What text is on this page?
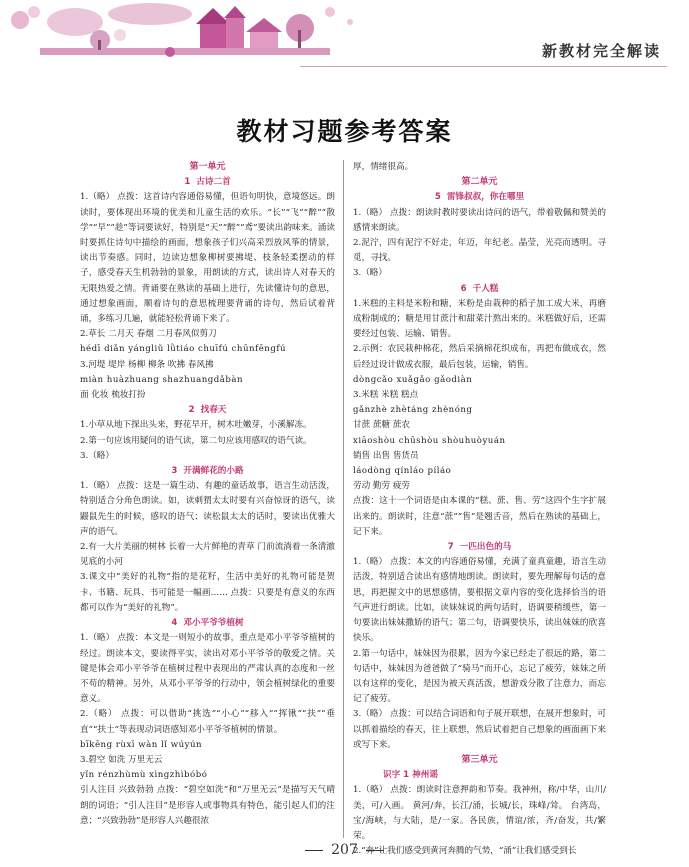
新教材完全解读
教材习题参考答案
第一单元
1 古诗二首
1.（略） 点拨：这首诗内容通俗易懂，但语句明快，意境悠远。朗读时，要体现出环境的优美和儿童生活的欢乐。“长”“飞”“醉”“散学”“早”“趁”等词要读好，特别是“天”“醉”“鸢”要读出韵味来。涌读时要抓住诗句中描绘的画面，想象孩子们兴高采烈放风筝的情景，读出节奏感。同时，边读边想象柳树要拂堤、枝条轻柔摆动的样子，感受春天生机勃勃的景象，用朗读的方式，读出诗人对春天的无限热爱之情。背诵要在熟读的基础上进行，先读懂诗句的意思，通过想象画面，顺着诗句的意思梳理要背诵的诗句，然后试着背诵，多练习几遍，就能轻松背诵下来了。
2.草长 二月天 春烟 二月春风似剪刀
hédī diǎn yángliǔ lǜtiáo chuīfú chūnfēngfú
3.河堤 堤岸 杨柳 柳条 吹拂 春风拂
miàn huàzhuang shazhuangdǎbàn
面 化妆 梳妆打扮
2 找春天
1.小草从地下探出头来，野花早开，树木吐嫩芽，小溪解冻。
2.第一句应该用疑问的语气读，第二句应该用感叹的语气读。
3.（略）
3 开满鲜花的小路
1.（略） 点拨：这是一篇生动、有趣的童话故事，语言生动活泼，特别适合分角色朗读。如，读刺猬太太时要有兴奋惊讶的语气，读鼹鼠先生的时候，感叹的语气；读松鼠太太的话时，要读出优雅大声的语气。
2.有一大片美丽的树林 长着一大片鲜艳的青草 门前流淌着一条清澈见底的小河
3.课文中“美好的礼物”指的是花籽，生活中美好的礼物可能是贺卡、书籍、玩具、书可能是一幅画…… 点拨：只要是有意义的东西都可以作为“美好的礼物”。
4 邓小平爷爷植树
1.（略） 点拨：本文是一则短小的故事，重点是邓小平爷爷植树的经过。朗读本文，要读得平实，读出对邓小平爷爷的敬爱之情。关键是体会邓小平爷爷在植树过程中表现出的严肃认真的态度和一丝不苟的精神。另外，从邓小平爷爷的行动中，领会植树绿化的重要意义。
2.（略） 点拨：可以借助“挑选”“小心”“移入”“挥锹”“扶”“垂直”“扶土”等表现动词语感知邓小平爷爷植树的情景。
bīkēng rùxī wàn lǐ wúyún
3.碧空 如洗 万里无云
yǐn rénzhùmù xìngzhìbóbó
引人注目 兴致勃勃 点拨：“碧空如洗”和“万里无云”是描写天气晴朗的词语；“引人注目”是形容人或事物具有特色，能引起人们的注意；“兴致勃勃”是形容人兴趣很浓
厚，情绪很高。
第二单元
5 雷锋叔叔，你在哪里
1.（略） 点拨：朗读时教时要读出诗问的语气，带着敬佩和赞美的感情来朗读。
2.泥泞，四有泥泞不好走，年迈，年纪老。晶莹，光亮而透明。寻觅，寻找。
3.（略）
6 千人糕
1.米糕的主料是米粉和糖，米粉是由栽种的稻子加工成大米，再磨成粉制成的；糖是用甘蔗汁和甜菜汁熬出来的。米糕做好后，还需要经过包装、运输、销售。
2.示例：农民栽种棉花，然后采摘棉花织成布，再把布做成衣，然后经过设计做成衣服，最后包装，运输，销售。
dòngcǎo xuǎgǎo gǎodiàn
3.米糕 米糕 糕点
gǎnzhè zhètáng zhènóng
甘蔗 蔗糖 蔗农
xiāoshòu chūshòu shòuhuòyuán
销售 出售 售货员
láodòng qínláo píláo
劳动 勤劳 疲劳
点拨：这十一个词语是由本课的“糕、蔗、售、劳”这四个生字扩展出来的。朗读时，注意“蔗”“售”是翘舌音，然后在熟读的基础上，记下来。
7 一匹出色的马
1.（略） 点拨：本文的内容通俗易懂，充满了童真童趣，语言生动活泼，特别适合读出有感情地朗读。朗读时，要先理解每句话的意思，再把握文中的思想感情，要根据文章内容的变化选择恰当的语气声进行朗读。比如，读妹妹说的两句话时，语调要稍缓些，第一句要读出妹妹撒娇的语气；第二句，语调要快乐，读出妹妹的欣喜快乐。
2.第一句话中，妹妹因为很累，因为今家已经走了很远的路，第二句话中，妹妹因为爸爸做了“骑马”而开心，忘记了疲劳，妹妹之所以有这样的变化，是因为被天真活泼，想游戏分散了注意力，而忘记了疲劳。
3.（略） 点拨：可以结合词语和句子展开联想，在展开想象时，可以抓着描绘的春天，往上联想，然后试着把自己想象的画面画下来或写下来。
第三单元
识字 1 神州谣
1.（略） 点拨：朗读时注意押韵和节奏。我神州，称/中华，山川/美，可/入画。 黄河/奔，长江/涌，长城/长，珠峰/耸。 台湾岛，宝/海峡，与大陆，是/一家。各民族，情谊/浓，齐/奋发，共/繁荣。
2.“奔”让我们感受到黄河奔腾的气势，“涌”让我们感受到长
207
